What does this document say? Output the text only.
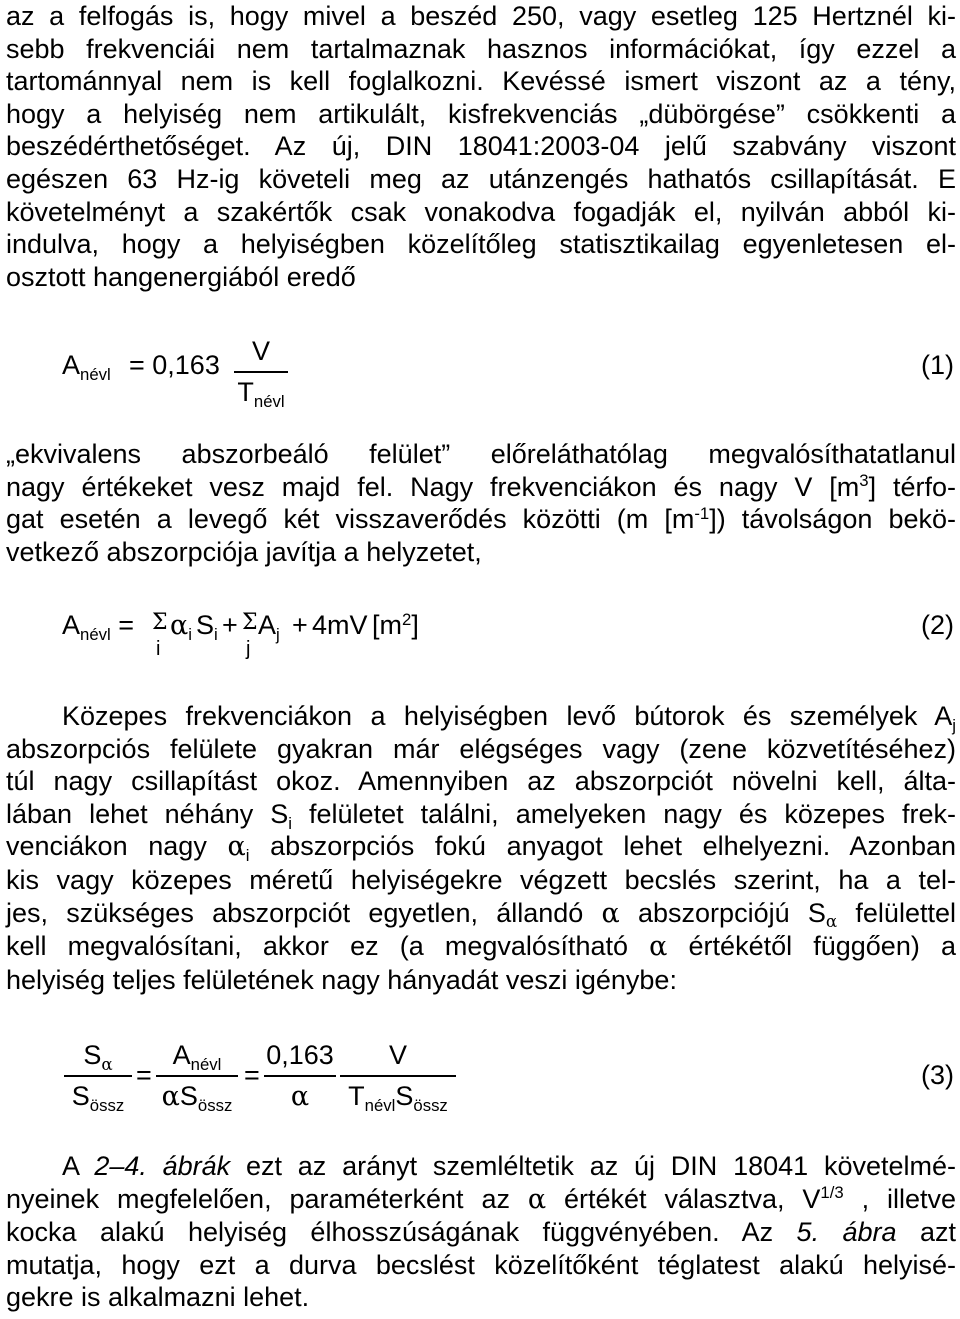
az a felfogás is, hogy mivel a beszéd 250, vagy esetleg 125 Hertznél ki-
sebb frekvenciái nem tartalmaznak hasznos információkat, így ezzel a
tartománnyal nem is kell foglalkozni. Kevéssé ismert viszont az a tény,
hogy a helyiség nem artikulált, kisfrekvenciás „dübörgése” csökkenti a
beszédérthetőséget. Az új, DIN 18041:2003-04 jelű szabvány viszont
egészen 63 Hz-ig követeli meg az utánzengés hathatós csillapítását. E
követelményt a szakértők csak vonakodva fogadják el, nyilván abból ki-
indulva, hogy a helyiségben közelítőleg statisztikailag egyenletesen el-
osztott hangenergiából eredő
$A_{névl} = 0,163$	V
$T_{névl}$
(1)
„ekvivalens abszorbeáló felület” előreláthatólag megvalósíthatatlanul
nagy értékeket vesz majd fel. Nagy frekvenciákon és nagy V $[m^3]$ térfo-
gat esetén a levegő két visszaverődés közötti (m $[m^{-1}]$) távolságon bekö-
vetkező abszorpciója javítja a helyzetet,
$A_{névl} = \Sigma$ $\alpha_i$ $S_i + \Sigma$ $A_j + 4mV$ $[m^2]$
i	j
(2)
Közepes frekvenciákon a helyiségben levő bútorok és személyek $A_j$
abszorpciós felülete gyakran már elégséges vagy (zene közvetítéséhez)
túl nagy csillapítást okoz. Amennyiben az abszorpciót növelni kell, álta-
lában lehet néhány $S_i$ felületet találni, amelyeken nagy és közepes frek-
venciákon nagy $\alpha_i$ abszorpciós fokú anyagot lehet elhelyezni. Azonban
kis vagy közepes méretű helyiségekre végzett becslés szerint, ha a tel-
jes, szükséges abszorpciót egyetlen, állandó α abszorpciójú $S_\alpha$ felülettel
kell megvalósítani, akkor ez (a megvalósítható α értékétől függően) a
helyiség teljes felületének nagy hányadát veszi igénybe:
$S_\alpha$
$S_{össz}$
=
$A_{névl}$
$\alpha S_{össz}$
=
0,163
α
V
$T_{névl}S_{össz}$
(3)
A 2–4. ábrák ezt az arányt szemléltetik az új DIN 18041 követelmé-
nyeinek megfelelően, paraméterként az α értékét választva, $V^{1/3}$ , illetve
kocka alakú helyiség élhosszúságának függvényében. Az 5. ábra azt
mutatja, hogy ezt a durva becslést közelítőként téglatest alakú helyisé-
gekre is alkalmazni lehet.
